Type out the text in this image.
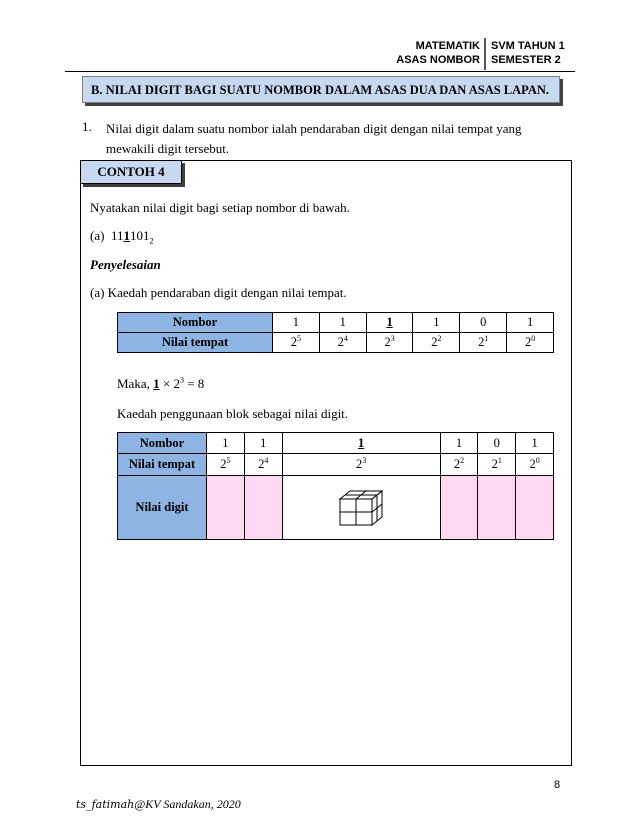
MATEMATIK
ASAS NOMBOR
SVM TAHUN 1
SEMESTER 2
B. NILAI DIGIT BAGI SUATU NOMBOR DALAM ASAS DUA DAN ASAS LAPAN.
1. Nilai digit dalam suatu nombor ialah pendaraban digit dengan nilai tempat yang mewakili digit tersebut.
CONTOH 4
Nyatakan nilai digit bagi setiap nombor di bawah.
(a) $111101_2$
Penyelesaian
(a) Kaedah pendaraban digit dengan nilai tempat.
Nombor	1	1	1	1	0	1
Nilai tempat	$2^5$	$2^4$	$2^3$	$2^2$	$2^1$	$2^0$
Maka, $1 \times 2^3 = 8$
Kaedah penggunaan blok sebagai nilai digit.
Nombor	1	1	1	1	0	1
Nilai tempat	$2^5$	$2^4$	$2^3$	$2^2$	$2^1$	$2^0$
Nilai digit			

8
ts_fatimah@KV Sandakan, 2020
